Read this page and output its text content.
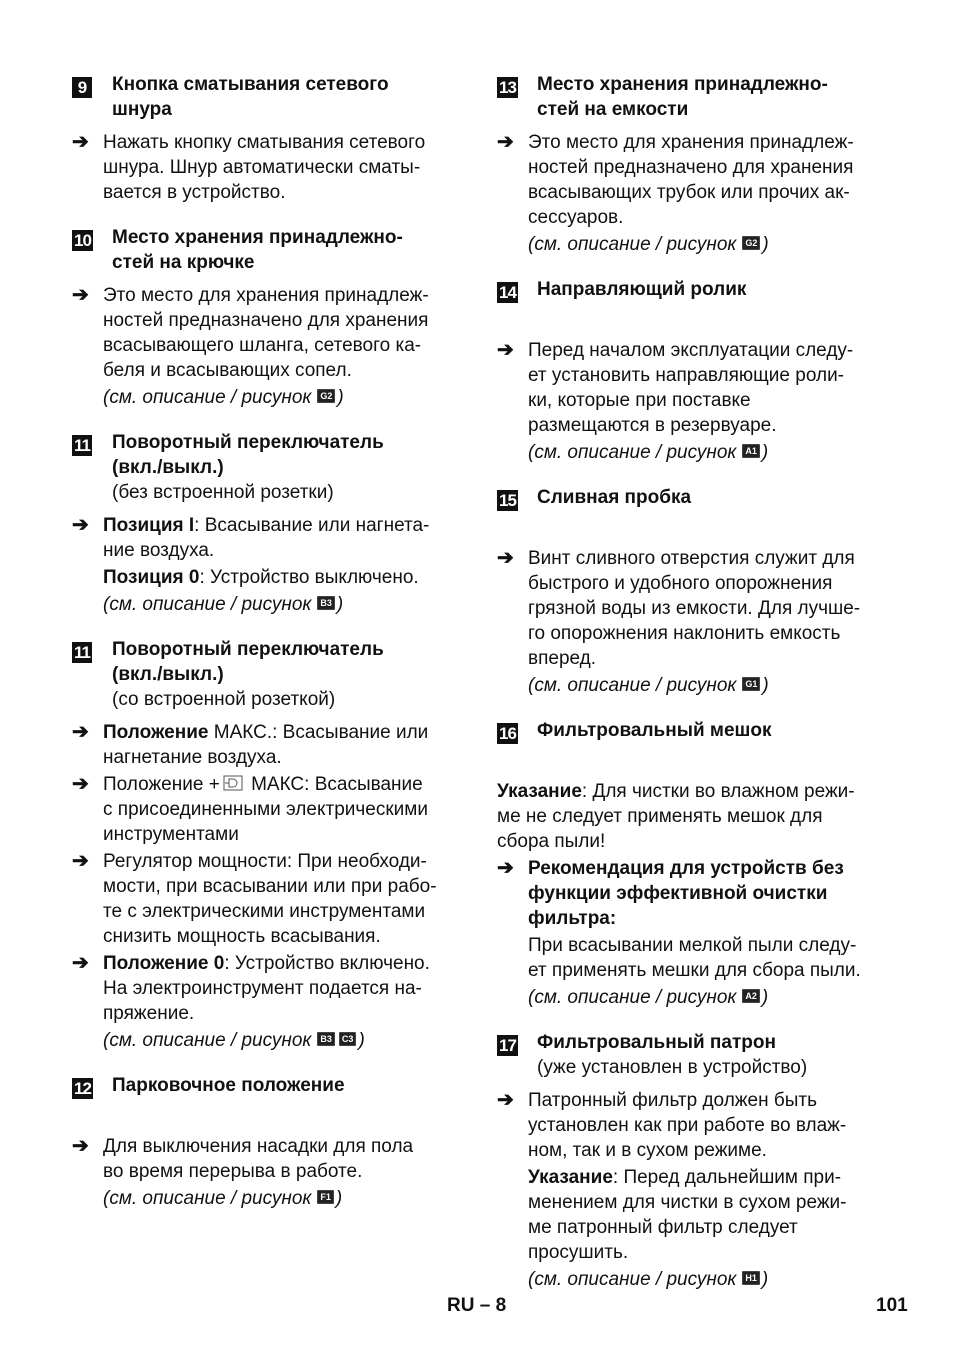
9	Кнопка сматывания сетевого
шнура
➔ Нажать кнопку сматывания сетевого
шнура. Шнур автоматически сматы-
вается в устройство.
10 Место хранения принадлежно-
стей на крючке
➔ Это место для хранения принадлеж-
ностей предназначено для хранения
всасывающего шланга, сетевого ка-
беля и всасывающих сопел.
(см. описание / рисунок G2 )
11 Поворотный переключатель
(вкл./выкл.)
(без встроенной розетки)
➔ Позиция I: Всасывание или нагнета-
ние воздуха.
Позиция 0: Устройство выключено.
(см. описание / рисунок B3 )
11 Поворотный переключатель
(вкл./выкл.)
(со встроенной розеткой)
➔ Положение МАКС.: Всасывание или
нагнетание воздуха.
➔ Положение + МАКС: Всасывание
с присоединенными электрическими
инструментами
➔ Регулятор мощности: При необходи-
мости, при всасывании или при рабо-
те с электрическими инструментами
снизить мощность всасывания.
➔ Положение 0: Устройство включено.
На электроинструмент подается на-
пряжение.
(см. описание / рисунок B3 C3 )
12 Парковочное положение
➔ Для выключения насадки для пола
во время перерыва в работе.
(см. описание / рисунок F1 )
13 Место хранения принадлежно-
стей на емкости
➔ Это место для хранения принадлеж-
ностей предназначено для хранения
всасывающих трубок или прочих ак-
сессуаров.
(см. описание / рисунок G2 )
14 Направляющий ролик
➔ Перед началом эксплуатации следу-
ет установить направляющие роли-
ки, которые при поставке
размещаются в резервуаре.
(см. описание / рисунок A1 )
15 Сливная пробка
➔ Винт сливного отверстия служит для
быстрого и удобного опорожнения
грязной воды из емкости. Для лучше-
го опорожнения наклонить емкость
вперед.
(см. описание / рисунок G1 )
16 Фильтровальный мешок
Указание: Для чистки во влажном режи-
ме не следует применять мешок для
сбора пыли!
➔ Рекомендация для устройств без
функции эффективной очистки
фильтра:
При всасывании мелкой пыли следу-
ет применять мешки для сбора пыли.
(см. описание / рисунок A2 )
17 Фильтровальный патрон
(уже установлен в устройство)
➔ Патронный фильтр должен быть
установлен как при работе во влаж-
ном, так и в сухом режиме.
Указание: Перед дальнейшим при-
менением для чистки в сухом режи-
ме патронный фильтр следует
просушить.
(см. описание / рисунок H1 )
RU – 8	101
